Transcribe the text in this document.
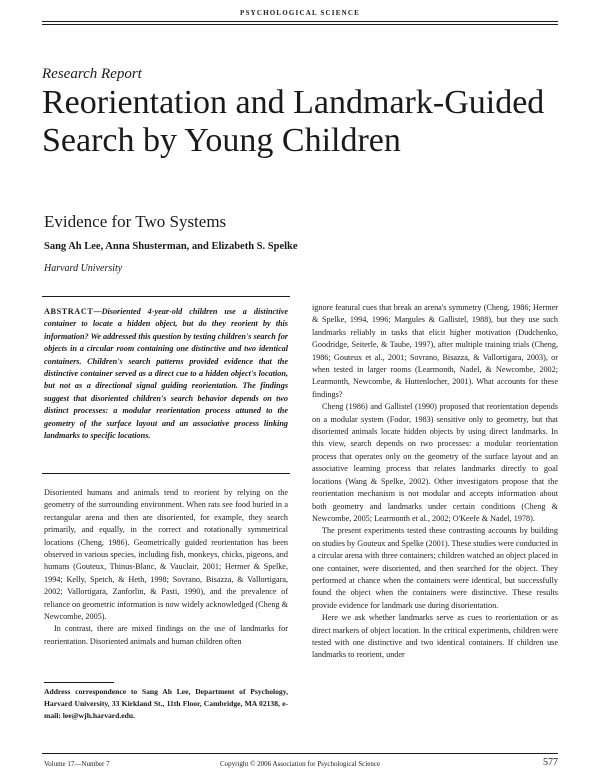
PSYCHOLOGICAL SCIENCE
Research Report
Reorientation and Landmark-Guided Search by Young Children
Evidence for Two Systems
Sang Ah Lee, Anna Shusterman, and Elizabeth S. Spelke
Harvard University

ABSTRACT—Disoriented 4-year-old children use a distinctive container to locate a hidden object, but do they reorient by this information? We addressed this question by testing children's search for objects in a circular room containing one distinctive and two identical containers. Children's search patterns provided evidence that the distinctive container served as a direct cue to a hidden object's location, but not as a directional signal guiding reorientation. The findings suggest that disoriented children's search behavior depends on two distinct processes: a modular reorientation process attuned to the geometry of the surface layout and an associative process linking landmarks to specific locations.

Disoriented humans and animals tend to reorient by relying on the geometry of the surrounding environment. When rats see food buried in a rectangular arena and then are disoriented, for example, they search primarily, and equally, in the correct and rotationally symmetrical locations (Cheng, 1986). Geometrically guided reorientation has been observed in various species, including fish, monkeys, chicks, pigeons, and humans (Gouteux, Thinus-Blanc, & Vauclair, 2001; Hermer & Spelke, 1994; Kelly, Spetch, & Heth, 1998; Sovrano, Bisazza, & Vallortigara, 2002; Vallortigara, Zanforlin, & Pasti, 1990), and the prevalence of reliance on geometric information is now widely acknowledged (Cheng & Newcombe, 2005).

In contrast, there are mixed findings on the use of landmarks for reorientation. Disoriented animals and human children often

ignore featural cues that break an arena's symmetry (Cheng, 1986; Hermer & Spelke, 1994, 1996; Margules & Gallistel, 1988), but they use such landmarks reliably in tasks that elicit higher motivation (Dudchenko, Goodridge, Seiterle, & Taube, 1997), after multiple training trials (Cheng, 1986; Gouteux et al., 2001; Sovrano, Bisazza, & Vallortigara, 2003), or when tested in larger rooms (Learmonth, Nadel, & Newcombe, 2002; Learmonth, Newcombe, & Huttenlocher, 2001). What accounts for these findings?

Cheng (1986) and Gallistel (1990) proposed that reorientation depends on a modular system (Fodor, 1983) sensitive only to geometry, but that disoriented animals locate hidden objects by using direct landmarks. In this view, search depends on two processes: a modular reorientation process that operates only on the geometry of the surface layout and an associative learning process that relates landmarks directly to goal locations (Wang & Spelke, 2002). Other investigators propose that the reorientation mechanism is not modular and accepts information about both geometry and landmarks under certain conditions (Cheng & Newcombe, 2005; Learmonth et al., 2002; O'Keefe & Nadel, 1978).

The present experiments tested these contrasting accounts by building on studies by Gouteux and Spelke (2001). These studies were conducted in a circular arena with three containers; children watched an object placed in one container, were disoriented, and then searched for the object. They performed at chance when the containers were identical, but successfully found the object when the containers were distinctive. These results provide evidence for landmark use during disorientation.

Here we ask whether landmarks serve as cues to reorientation or as direct markers of object location. In the critical experiments, children were tested with one distinctive and two identical containers. If children use landmarks to reorient, under

Address correspondence to Sang Ah Lee, Department of Psychology, Harvard University, 33 Kirkland St., 11th Floor, Cambridge, MA 02138, e-mail: lee@wjh.harvard.edu.

Volume 17—Number 7	Copyright © 2006 Association for Psychological Science	577
